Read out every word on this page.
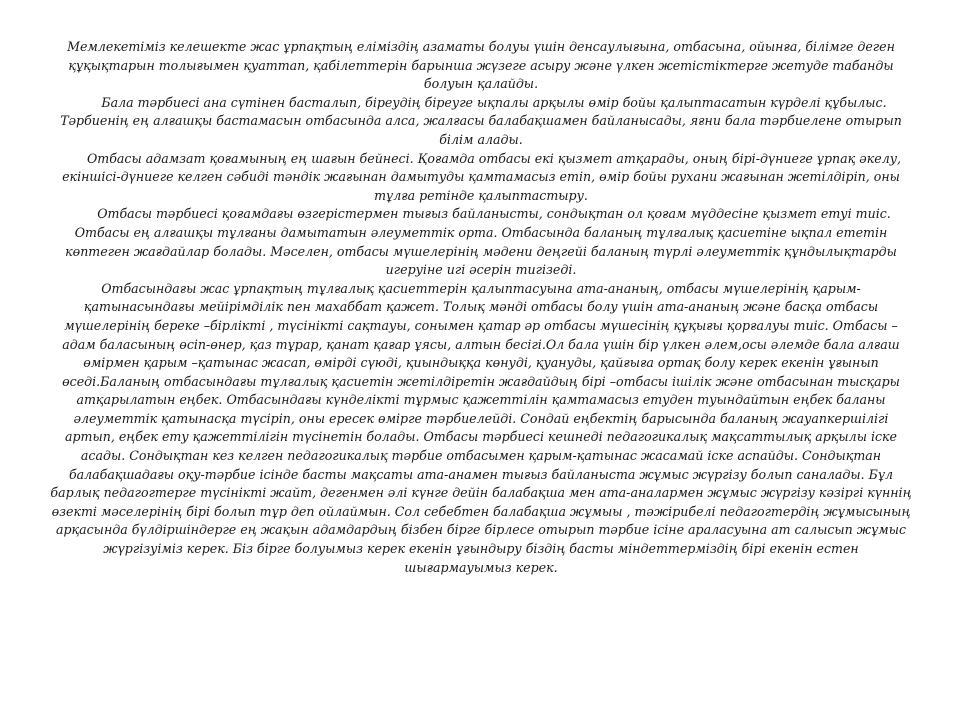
Мемлекетіміз келешекте жас ұрпақтың еліміздің азаматы болуы үшін денсаулығына, отбасына, ойынға, білімге деген құқықтарын толығымен қуаттап, қабілеттерін барынша жүзеге асыру және үлкен жетістіктерге жетуде табанды болуын қалайды.

Бала тәрбиесі ана сүтінен басталып, біреудің біреуге ықпалы арқылы өмір бойы қалыптасатын күрделі құбылыс. Тәрбиенің ең алғашқы бастамасын отбасында алса, жалғасы балабақшамен байланысады, яғни бала тәрбиелене отырып білім алады.

Отбасы адамзат қоғамының ең шағын бейнесі. Қоғамда отбасы екі қызмет атқарады, оның бірі-дүниеге ұрпақ әкелу, екіншісі-дүниеге келген сәбиді тәндік жағынан дамытуды қамтамасыз етіп, өмір бойы рухани жағынан жетілдіріп, оны тұлға ретінде қалыптастыру.

Отбасы тәрбиесі қоғамдағы өзгерістермен тығыз байланысты, сондықтан ол қоғам мүддесіне қызмет етуі тиіс. Отбасы ең алғашқы тұлғаны дамытатын әлеуметтік орта. Отбасында баланың тұлғалық қасиетіне ықпал ететін көптеген жағдайлар болады. Мәселен, отбасы мүшелерінің мәдени деңгейі баланың түрлі әлеуметтік құндылықтарды игеруіне игі әсерін тигізеді.

Отбасындағы жас ұрпақтың тұлғалық қасиеттерін қалыптасуына ата-ананың, отбасы мүшелерінің қарым-қатынасындағы мейірімділік пен махаббат қажет. Толық мәнді отбасы болу үшін ата-ананың және басқа отбасы мүшелерінің береке –бірлікті , түсінікті сақтауы, сонымен қатар әр отбасы мүшесінің құқығы қорғалуы тиіс. Отбасы – адам баласының өсіп-өнер, қаз тұрар, қанат қағар ұясы, алтын бесігі.Ол бала үшін бір үлкен әлем,осы әлемде бала алғаш өмірмен қарым –қатынас жасап, өмірді сүюді, қиындыққа көнуді, қуануды, қайғыға ортақ болу керек екенін ұғынып өседі.Баланың отбасындағы тұлғалық қасиетін жетілдіретін жағдайдың бірі –отбасы ішілік және отбасынан тысқары атқарылатын еңбек. Отбасындағы күнделікті тұрмыс қажеттілін қамтамасыз етуден туындайтын еңбек баланы әлеуметтік қатынасқа түсіріп, оны ересек өмірге тәрбиелейді. Сондай еңбектің барысында баланың жауапкершілігі артып, еңбек ету қажеттілігін түсінетін болады. Отбасы тәрбиесі кешнеді педагогикалық мақсаттылық арқылы іске асады. Сондықтан кез келген педагогикалық тәрбие отбасымен қарым-қатынас жасамай іске аспайды. Сондықтан балабақшадағы оқу-тәрбие ісінде басты мақсаты ата-анамен тығыз байланыста жұмыс жүргізу болып саналады. Бұл барлық педагогтерге түсінікті жайт, дегенмен әлі күнге дейін балабақша мен ата-аналармен жұмыс жүргізу кәзіргі күннің өзекті мәселерінің бірі болып тұр деп ойлаймын. Сол себебтен балабақша жұмыы , тәжірибелі педагогтердің жұмысының арқасында бүлдіршіндерге ең жақын адамдардың бізбен бірге бірлесе отырып тәрбие ісіне араласуына ат салысып жұмыс жүргізуіміз керек. Біз бірге болуымыз керек екенін ұғындыру біздің басты міндеттерміздің бірі екенін естен шығармауымыз керек.
